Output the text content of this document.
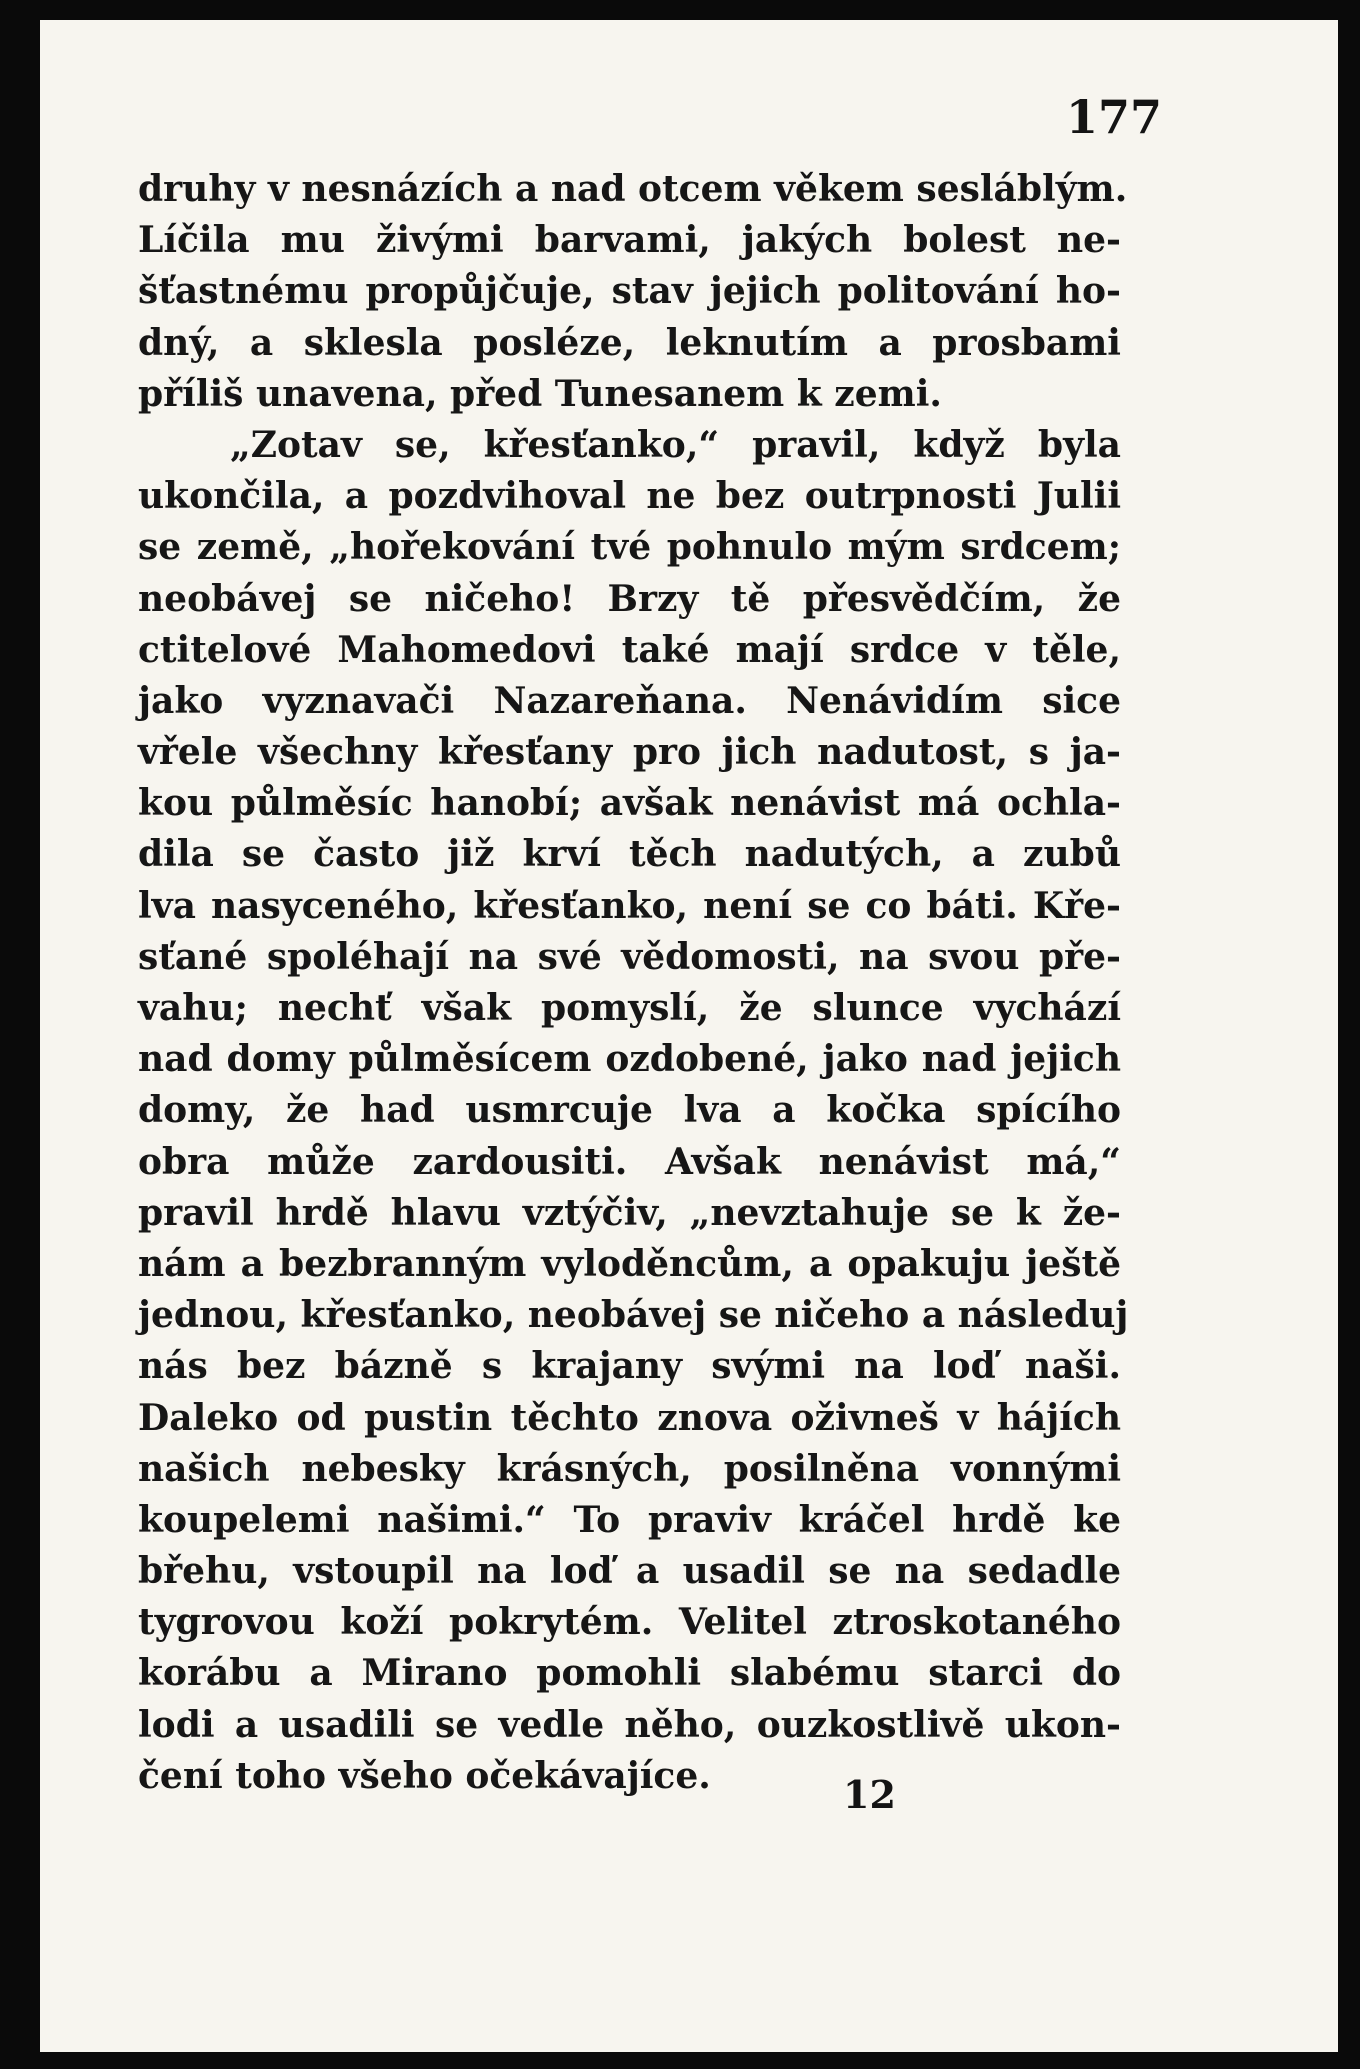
177

druhy v nesnázích a nad otcem věkem sesláblým.
Líčila mu živými barvami, jakých bolest ne-
šťastnému propůjčuje, stav jejich politování ho-
dný, a sklesla posléze, leknutím a prosbami
příliš unavena, před Tunesanem k zemi.
„Zotav se, křesťanko,“ pravil, když byla
ukončila, a pozdvihoval ne bez outrpnosti Julii
se země, „hořekování tvé pohnulo mým srdcem;
neobávej se ničeho! Brzy tě přesvědčím, že
ctitelové Mahomedovi také mají srdce v těle,
jako vyznavači Nazareňana. Nenávidím sice
vřele všechny křesťany pro jich nadutost, s ja-
kou půlměsíc hanobí; avšak nenávist má ochla-
dila se často již krví těch nadutých, a zubů
lva nasyceného, křesťanko, není se co báti. Kře-
sťané spoléhají na své vědomosti, na svou pře-
vahu; nechť však pomyslí, že slunce vychází
nad domy půlměsícem ozdobené, jako nad jejich
domy, že had usmrcuje lva a kočka spícího
obra může zardousiti. Avšak nenávist má,“
pravil hrdě hlavu vztýčiv, „nevztahuje se k že-
nám a bezbranným vyloděncům, a opakuju ještě
jednou, křesťanko, neobávej se ničeho a následuj
nás bez bázně s krajany svými na loď naši.
Daleko od pustin těchto znova oživneš v hájích
našich nebesky krásných, posilněna vonnými
koupelemi našimi.“ To praviv kráčel hrdě ke
břehu, vstoupil na loď a usadil se na sedadle
tygrovou koží pokrytém. Velitel ztroskotaného
korábu a Mirano pomohli slabému starci do
lodi a usadili se vedle něho, ouzkostlivě ukon-
čení toho všeho očekávajíce.	12
